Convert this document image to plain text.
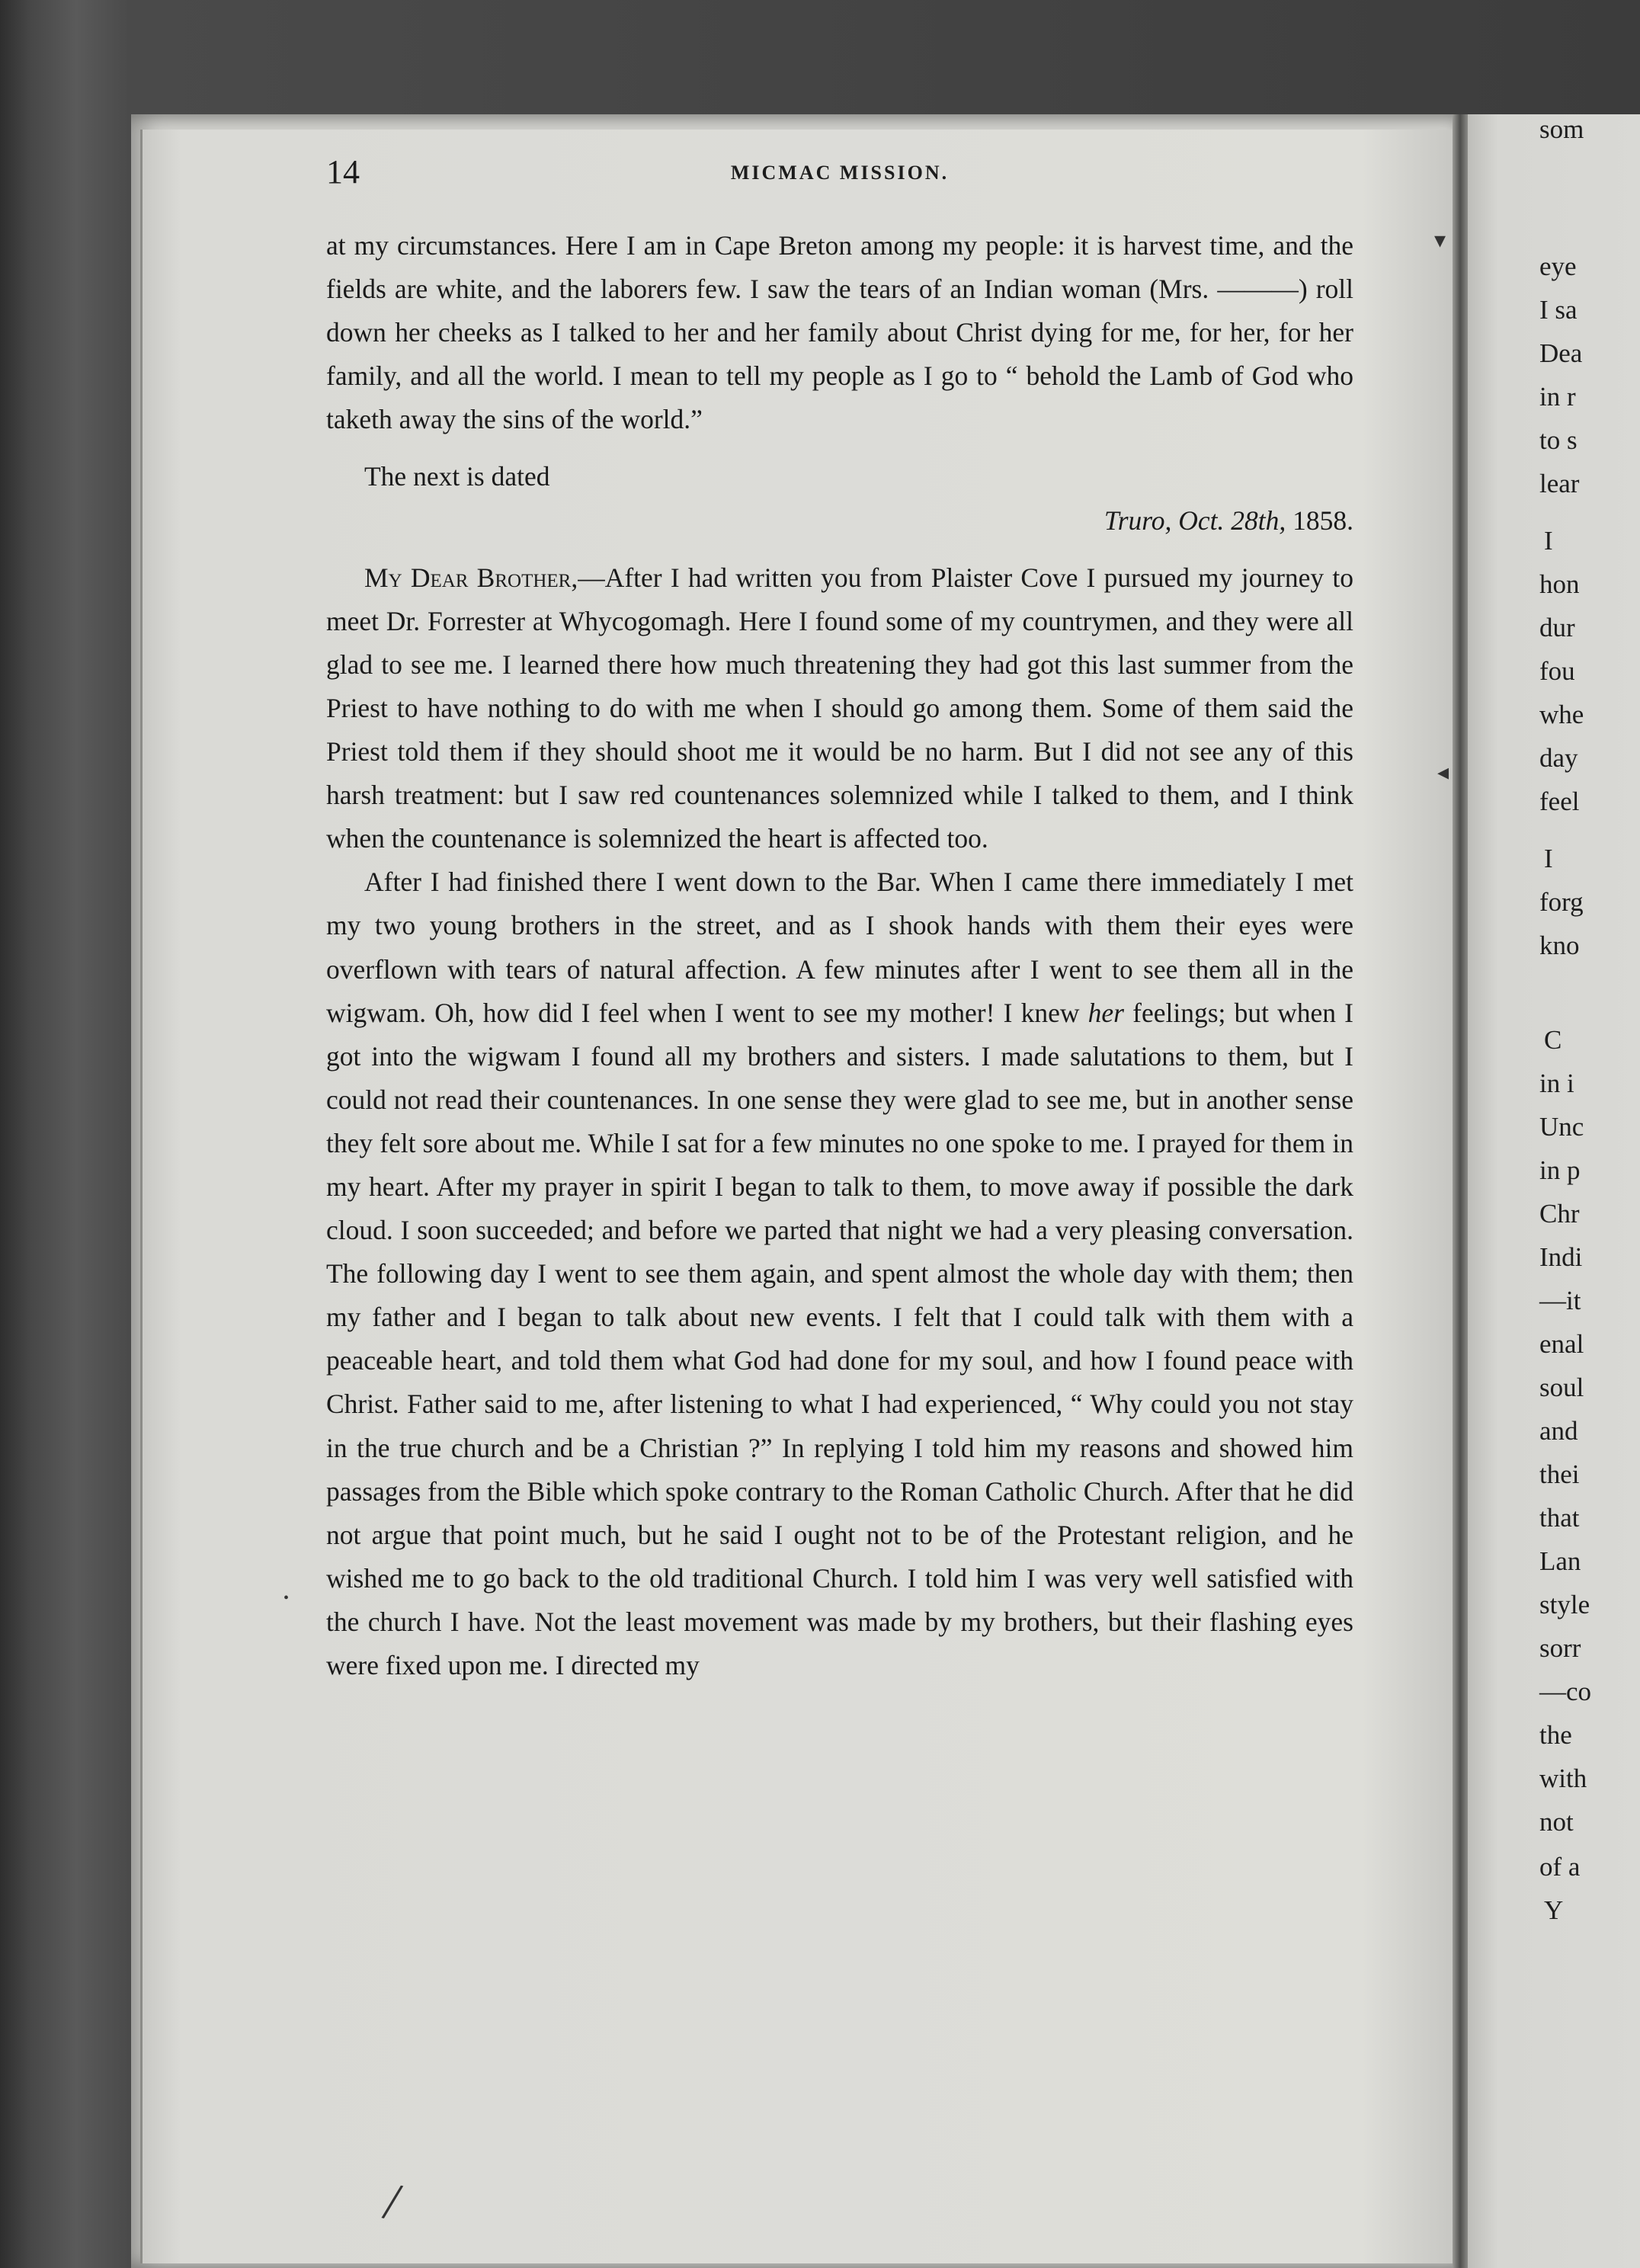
eye
I sa
Dea
in r
to s
lear
I
hon
dur
fou
whe
day
feel
I
forg
kno
C
in i
Unc
in p
Chr
Indi
—it
enal
soul
and
thei
that
Lan
style
sorr
—co
the
with
not
of a
Y
som
14	MICMAC MISSION.

at my circumstances. Here I am in Cape Breton among my people: it is harvest time, and the fields are white, and the laborers few. I saw the tears of an Indian woman (Mrs. ———) roll down her cheeks as I talked to her and her family about Christ dying for me, for her, for her family, and all the world. I mean to tell my people as I go to “ behold the Lamb of God who taketh away the sins of the world.”

The next is dated

Truro, Oct. 28th, 1858.

My Dear Brother,—After I had written you from Plaister Cove I pursued my journey to meet Dr. Forrester at Whycogomagh. Here I found some of my countrymen, and they were all glad to see me. I learned there how much threatening they had got this last summer from the Priest to have nothing to do with me when I should go among them. Some of them said the Priest told them if they should shoot me it would be no harm. But I did not see any of this harsh treatment: but I saw red countenances solemnized while I talked to them, and I think when the countenance is solemnized the heart is affected too.

After I had finished there I went down to the Bar. When I came there immediately I met my two young brothers in the street, and as I shook hands with them their eyes were overflown with tears of natural affection. A few minutes after I went to see them all in the wigwam. Oh, how did I feel when I went to see my mother! I knew her feelings; but when I got into the wigwam I found all my brothers and sisters. I made salutations to them, but I could not read their countenances. In one sense they were glad to see me, but in another sense they felt sore about me. While I sat for a few minutes no one spoke to me. I prayed for them in my heart. After my prayer in spirit I began to talk to them, to move away if possible the dark cloud. I soon succeeded; and before we parted that night we had a very pleasing conversation. The following day I went to see them again, and spent almost the whole day with them; then my father and I began to talk about new events. I felt that I could talk with them with a peaceable heart, and told them what God had done for my soul, and how I found peace with Christ. Father said to me, after listening to what I had experienced, “ Why could you not stay in the true church and be a Christian ?” In replying I told him my reasons and showed him passages from the Bible which spoke contrary to the Roman Catholic Church. After that he did not argue that point much, but he said I ought not to be of the Protestant religion, and he wished me to go back to the old traditional Church. I told him I was very well satisfied with the church I have. Not the least movement was made by my brothers, but their flashing eyes were fixed upon me. I directed my

▾
◂
•
/
